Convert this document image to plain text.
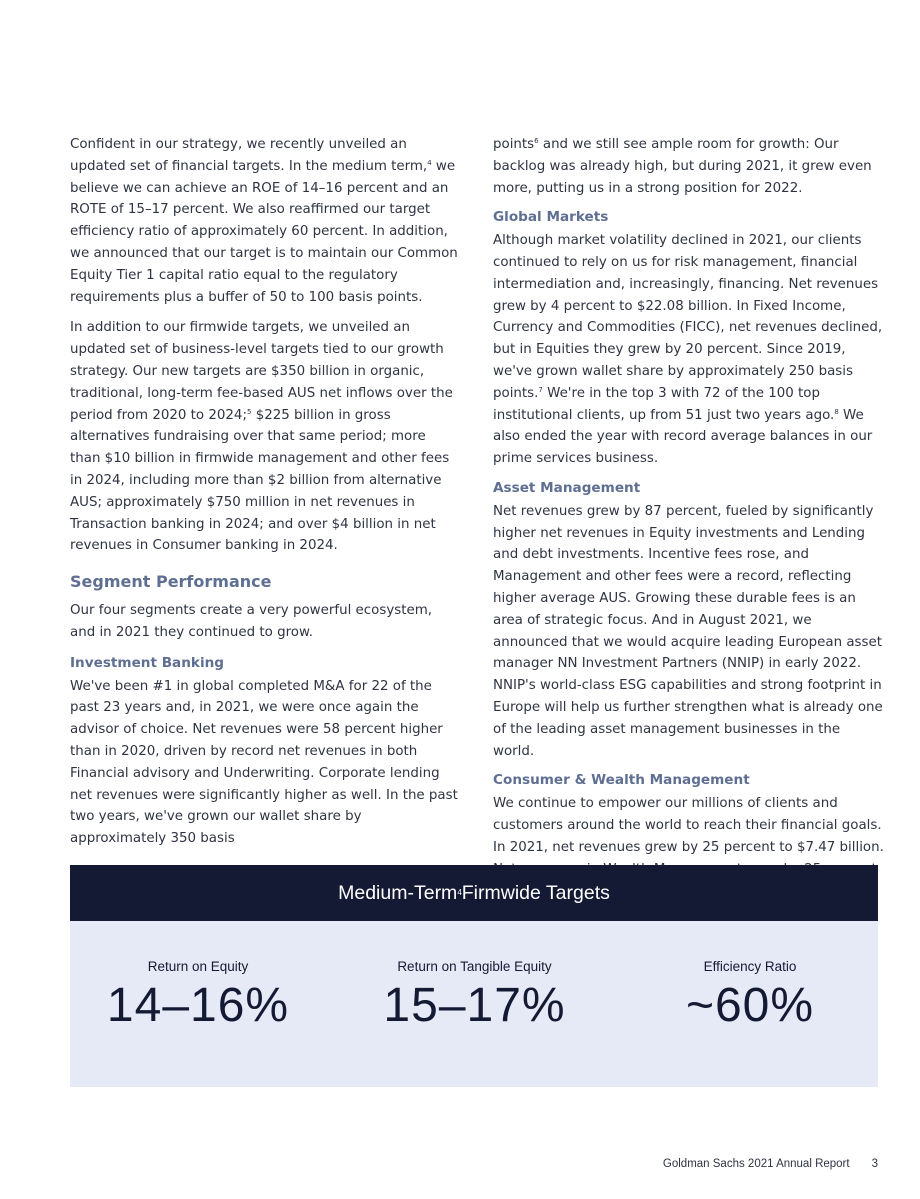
Confident in our strategy, we recently unveiled an updated set of financial targets. In the medium term,$^4$ we believe we can achieve an ROE of 14–16 percent and an ROTE of 15–17 percent. We also reaffirmed our target efficiency ratio of approximately 60 percent. In addition, we announced that our target is to maintain our Common Equity Tier 1 capital ratio equal to the regulatory requirements plus a buffer of 50 to 100 basis points.

In addition to our firmwide targets, we unveiled an updated set of business-level targets tied to our growth strategy. Our new targets are $350 billion in organic, traditional, long-term fee-based AUS net inflows over the period from 2020 to 2024;$^5$ $225 billion in gross alternatives fundraising over that same period; more than $10 billion in firmwide management and other fees in 2024, including more than $2 billion from alternative AUS; approximately $750 million in net revenues in Transaction banking in 2024; and over $4 billion in net revenues in Consumer banking in 2024.

Segment Performance

Our four segments create a very powerful ecosystem, and in 2021 they continued to grow.

Investment Banking

We've been #1 in global completed M&A for 22 of the past 23 years and, in 2021, we were once again the advisor of choice. Net revenues were 58 percent higher than in 2020, driven by record net revenues in both Financial advisory and Underwriting. Corporate lending net revenues were significantly higher as well. In the past two years, we've grown our wallet share by approximately 350 basis

points$^6$ and we still see ample room for growth: Our backlog was already high, but during 2021, it grew even more, putting us in a strong position for 2022.

Global Markets

Although market volatility declined in 2021, our clients continued to rely on us for risk management, financial intermediation and, increasingly, financing. Net revenues grew by 4 percent to $22.08 billion. In Fixed Income, Currency and Commodities (FICC), net revenues declined, but in Equities they grew by 20 percent. Since 2019, we've grown wallet share by approximately 250 basis points.$^7$ We're in the top 3 with 72 of the 100 top institutional clients, up from 51 just two years ago.$^8$ We also ended the year with record average balances in our prime services business.

Asset Management

Net revenues grew by 87 percent, fueled by significantly higher net revenues in Equity investments and Lending and debt investments. Incentive fees rose, and Management and other fees were a record, reflecting higher average AUS. Growing these durable fees is an area of strategic focus. And in August 2021, we announced that we would acquire leading European asset manager NN Investment Partners (NNIP) in early 2022. NNIP's world-class ESG capabilities and strong footprint in Europe will help us further strengthen what is already one of the leading asset management businesses in the world.

Consumer & Wealth Management

We continue to empower our millions of clients and customers around the world to reach their financial goals. In 2021, net revenues grew by 25 percent to $7.47 billion.

Medium-Term 4 Firmwide Targets
Return on Equity
14–16%
Return on Tangible Equity
15–17%
Efficiency Ratio
~60%
Goldman Sachs 2021 Annual Report 3
